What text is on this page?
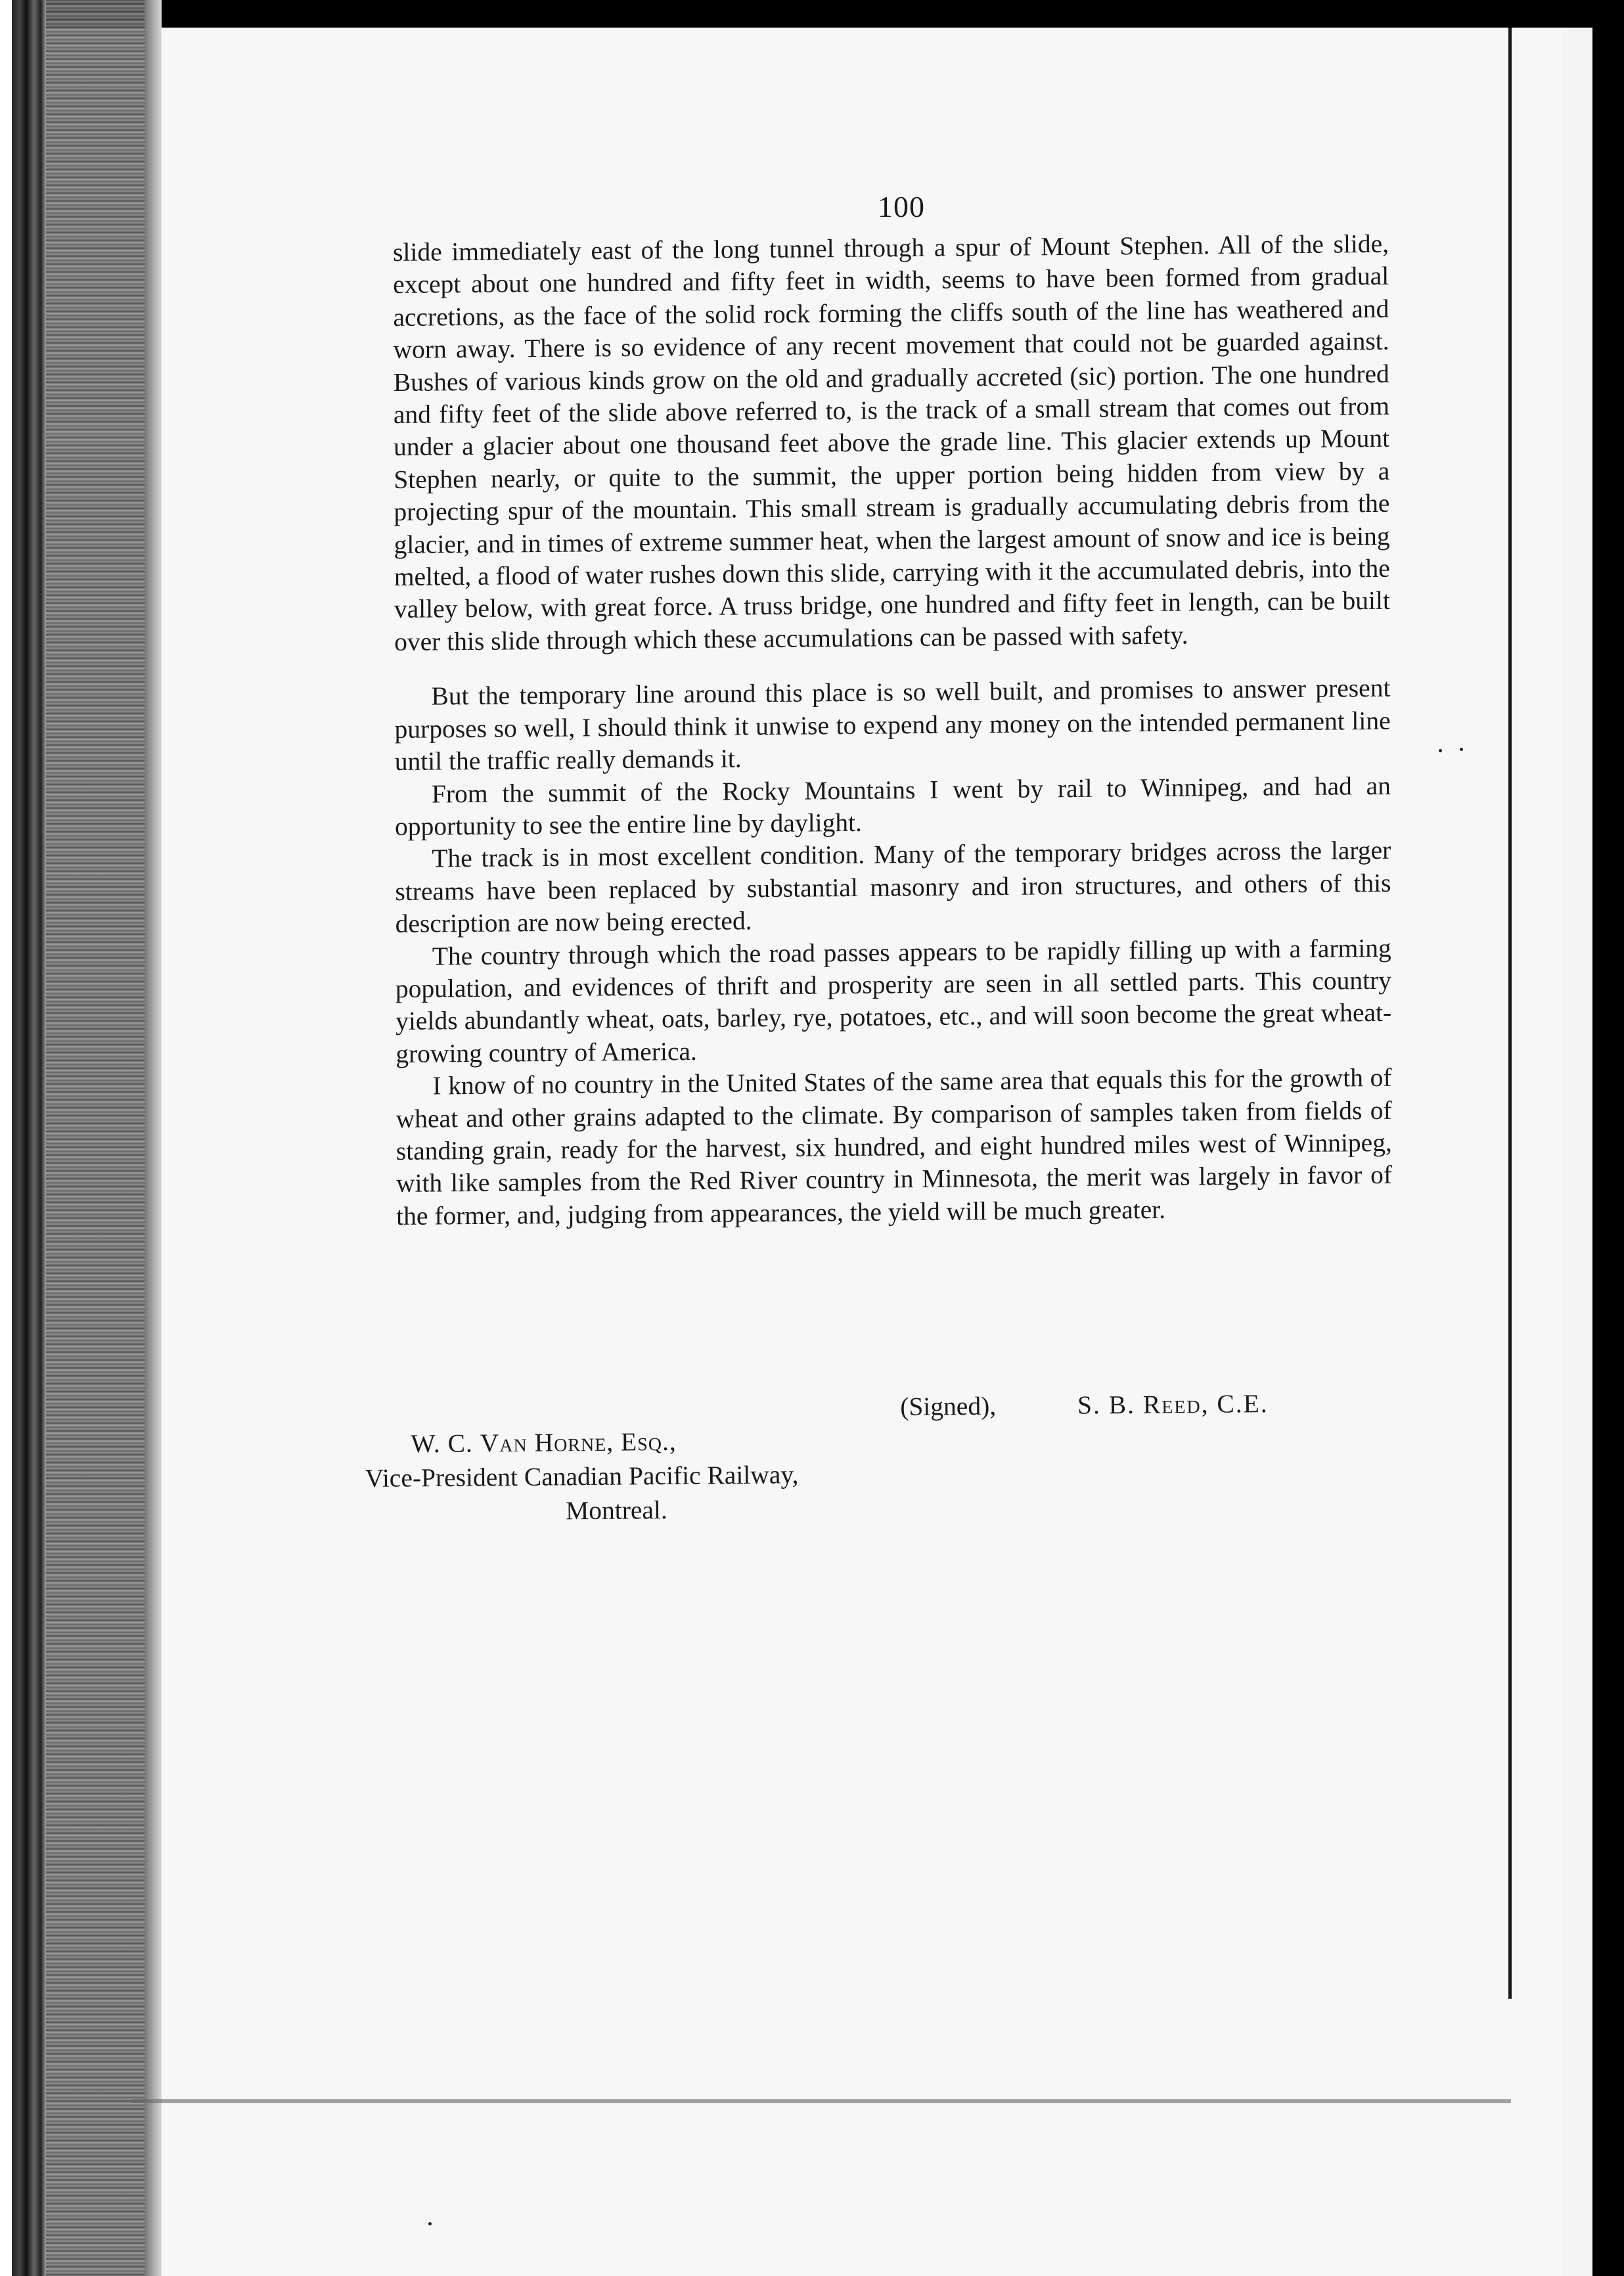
100

slide immediately east of the long tunnel through a spur of Mount Stephen. All of the slide, except about one hundred and fifty feet in width, seems to have been formed from gradual accretions, as the face of the solid rock forming the cliffs south of the line has weathered and worn away. There is so evidence of any recent movement that could not be guarded against. Bushes of various kinds grow on the old and gradually accreted (sic) portion. The one hundred and fifty feet of the slide above referred to, is the track of a small stream that comes out from under a glacier about one thousand feet above the grade line. This glacier extends up Mount Stephen nearly, or quite to the summit, the upper portion being hidden from view by a projecting spur of the mountain. This small stream is gradually accumulating debris from the glacier, and in times of extreme summer heat, when the largest amount of snow and ice is being melted, a flood of water rushes down this slide, carrying with it the accumulated debris, into the valley below, with great force. A truss bridge, one hundred and fifty feet in length, can be built over this slide through which these accumulations can be passed with safety.

But the temporary line around this place is so well built, and promises to answer present purposes so well, I should think it unwise to expend any money on the intended permanent line until the traffic really demands it.

From the summit of the Rocky Mountains I went by rail to Winnipeg, and had an opportunity to see the entire line by daylight.

The track is in most excellent condition. Many of the temporary bridges across the larger streams have been replaced by substantial masonry and iron structures, and others of this description are now being erected.

The country through which the road passes appears to be rapidly filling up with a farming population, and evidences of thrift and prosperity are seen in all settled parts. This country yields abundantly wheat, oats, barley, rye, potatoes, etc., and will soon become the great wheat-growing country of America.

I know of no country in the United States of the same area that equals this for the growth of wheat and other grains adapted to the climate. By comparison of samples taken from fields of standing grain, ready for the harvest, six hundred, and eight hundred miles west of Winnipeg, with like samples from the Red River country in Minnesota, the merit was largely in favor of the former, and, judging from appearances, the yield will be much greater.

(Signed),	S. B. Reed, C.E.
W. C. Van Horne, Esq.,
Vice-President Canadian Pacific Railway,
Montreal.
